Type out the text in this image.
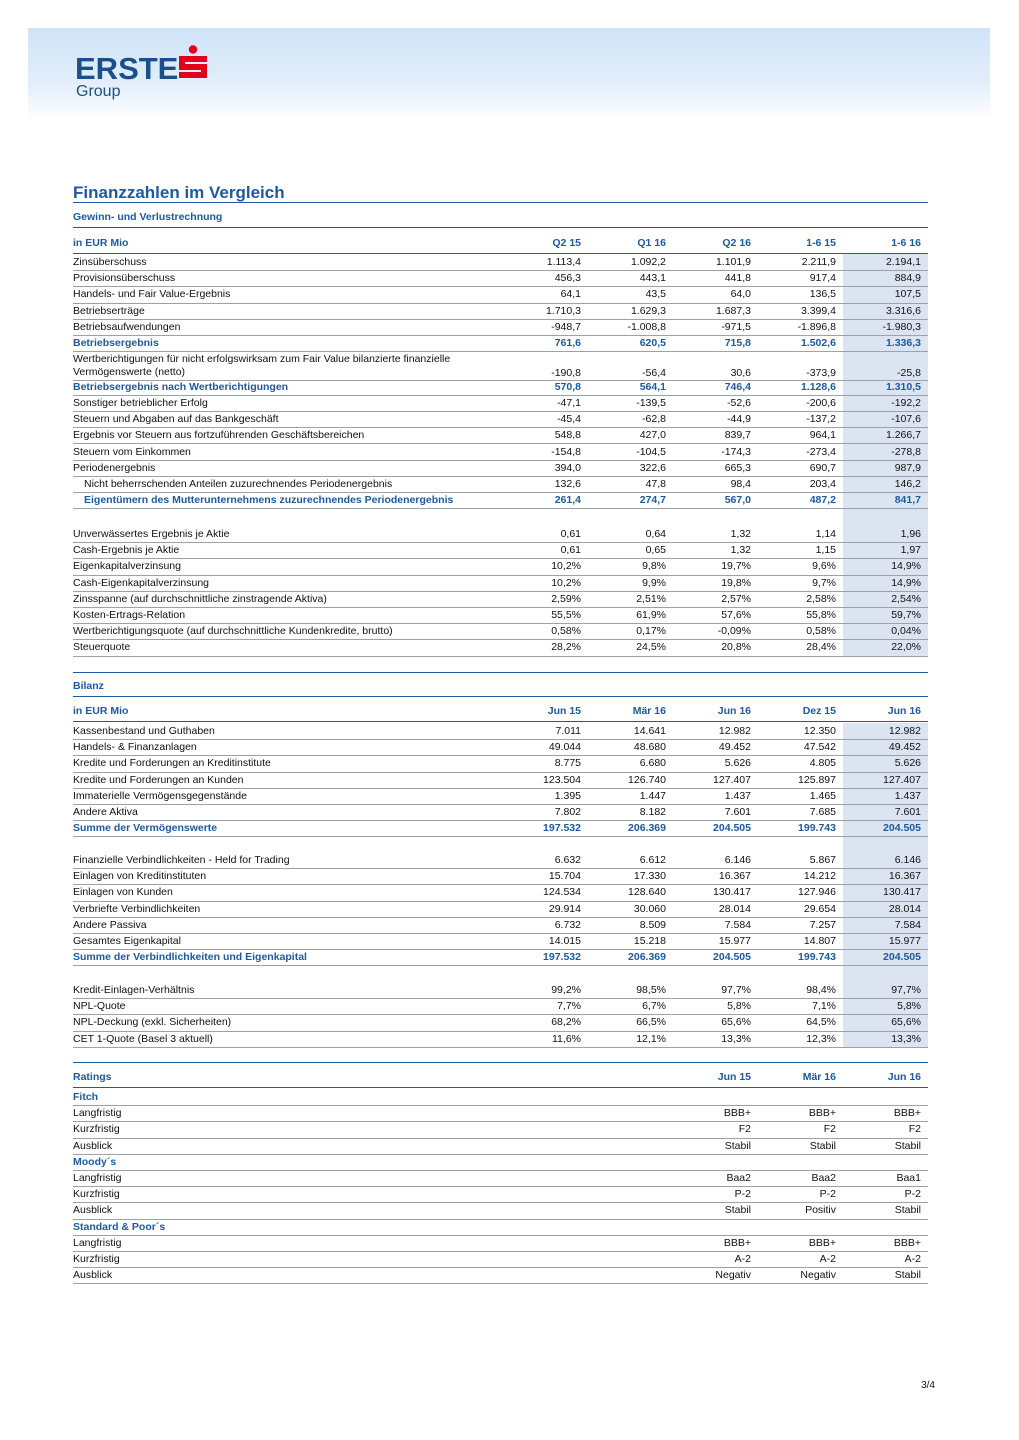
ERSTE
Group
Finanzzahlen im Vergleich
Gewinn- und Verlustrechnung
in EUR Mio	Q2 15	Q1 16	Q2 16	1-6 15	1-6 16
Zinsüberschuss	1.113,4	1.092,2	1.101,9	2.211,9	2.194,1
Provisionsüberschuss	456,3	443,1	441,8	917,4	884,9
Handels- und Fair Value-Ergebnis	64,1	43,5	64,0	136,5	107,5
Betriebserträge	1.710,3	1.629,3	1.687,3	3.399,4	3.316,6
Betriebsaufwendungen	-948,7	-1.008,8	-971,5	-1.896,8	-1.980,3
Betriebsergebnis	761,6	620,5	715,8	1.502,6	1.336,3
Wertberichtigungen für nicht erfolgswirksam zum Fair Value bilanzierte finanzielle Vermögenswerte (netto)	-190,8	-56,4	30,6	-373,9	-25,8
Betriebsergebnis nach Wertberichtigungen	570,8	564,1	746,4	1.128,6	1.310,5
Sonstiger betrieblicher Erfolg	-47,1	-139,5	-52,6	-200,6	-192,2
Steuern und Abgaben auf das Bankgeschäft	-45,4	-62,8	-44,9	-137,2	-107,6
Ergebnis vor Steuern aus fortzuführenden Geschäftsbereichen	548,8	427,0	839,7	964,1	1.266,7
Steuern vom Einkommen	-154,8	-104,5	-174,3	-273,4	-278,8
Periodenergebnis	394,0	322,6	665,3	690,7	987,9
Nicht beherrschenden Anteilen zuzurechnendes Periodenergebnis	132,6	47,8	98,4	203,4	146,2
Eigentümern des Mutterunternehmens zuzurechnendes Periodenergebnis	261,4	274,7	567,0	487,2	841,7
Unverwässertes Ergebnis je Aktie	0,61	0,64	1,32	1,14	1,96
Cash-Ergebnis je Aktie	0,61	0,65	1,32	1,15	1,97
Eigenkapitalverzinsung	10,2%	9,8%	19,7%	9,6%	14,9%
Cash-Eigenkapitalverzinsung	10,2%	9,9%	19,8%	9,7%	14,9%
Zinsspanne (auf durchschnittliche zinstragende Aktiva)	2,59%	2,51%	2,57%	2,58%	2,54%
Kosten-Ertrags-Relation	55,5%	61,9%	57,6%	55,8%	59,7%
Wertberichtigungsquote (auf durchschnittliche Kundenkredite, brutto)	0,58%	0,17%	-0,09%	0,58%	0,04%
Steuerquote	28,2%	24,5%	20,8%	28,4%	22,0%
Bilanz
in EUR Mio	Jun 15	Mär 16	Jun 16	Dez 15	Jun 16
Kassenbestand und Guthaben	7.011	14.641	12.982	12.350	12.982
Handels- & Finanzanlagen	49.044	48.680	49.452	47.542	49.452
Kredite und Forderungen an Kreditinstitute	8.775	6.680	5.626	4.805	5.626
Kredite und Forderungen an Kunden	123.504	126.740	127.407	125.897	127.407
Immaterielle Vermögensgegenstände	1.395	1.447	1.437	1.465	1.437
Andere Aktiva	7.802	8.182	7.601	7.685	7.601
Summe der Vermögenswerte	197.532	206.369	204.505	199.743	204.505
Finanzielle Verbindlichkeiten - Held for Trading	6.632	6.612	6.146	5.867	6.146
Einlagen von Kreditinstituten	15.704	17.330	16.367	14.212	16.367
Einlagen von Kunden	124.534	128.640	130.417	127.946	130.417
Verbriefte Verbindlichkeiten	29.914	30.060	28.014	29.654	28.014
Andere Passiva	6.732	8.509	7.584	7.257	7.584
Gesamtes Eigenkapital	14.015	15.218	15.977	14.807	15.977
Summe der Verbindlichkeiten und Eigenkapital	197.532	206.369	204.505	199.743	204.505
Kredit-Einlagen-Verhältnis	99,2%	98,5%	97,7%	98,4%	97,7%
NPL-Quote	7,7%	6,7%	5,8%	7,1%	5,8%
NPL-Deckung (exkl. Sicherheiten)	68,2%	66,5%	65,6%	64,5%	65,6%
CET 1-Quote (Basel 3 aktuell)	11,6%	12,1%	13,3%	12,3%	13,3%
Ratings	Jun 15	Mär 16	Jun 16
Fitch
Langfristig	BBB+	BBB+	BBB+
Kurzfristig	F2	F2	F2
Ausblick	Stabil	Stabil	Stabil
Moody´s
Langfristig	Baa2	Baa2	Baa1
Kurzfristig	P-2	P-2	P-2
Ausblick	Stabil	Positiv	Stabil
Standard & Poor´s
Langfristig	BBB+	BBB+	BBB+
Kurzfristig	A-2	A-2	A-2
Ausblick	Negativ	Negativ	Stabil
3/4
